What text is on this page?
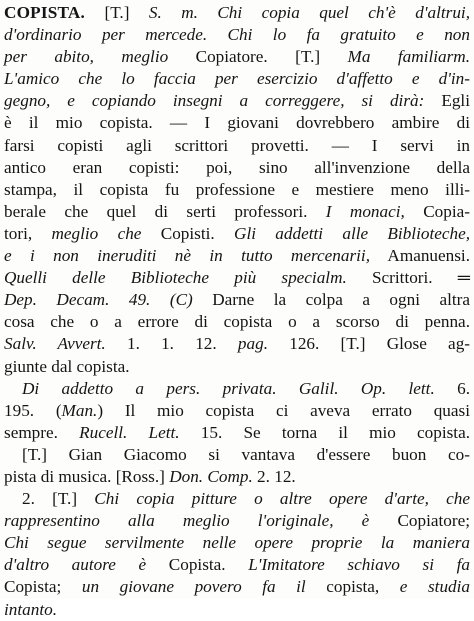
COPISTA. [T.] S. m. Chi copia quel ch'è d'altrui,
d'ordinario per mercede. Chi lo fa gratuito e non
per abito, meglio Copiatore. [T.] Ma familiarm.
L'amico che lo faccia per esercizio d'affetto e d'in-
gegno, e copiando insegni a correggere, si dirà: Egli
è il mio copista. — I giovani dovrebbero ambire di
farsi copisti agli scrittori provetti. — I servi in
antico eran copisti: poi, sino all'invenzione della
stampa, il copista fu professione e mestiere meno illi-
berale che quel di serti professori. I monaci, Copia-
tori, meglio che Copisti. Gli addetti alle Biblioteche,
e i non ineruditi nè in tutto mercenarii, Amanuensi.
Quelli delle Biblioteche più specialm. Scrittori. ═
Dep. Decam. 49. (C) Darne la colpa a ogni altra
cosa che o a errore di copista o a scorso di penna.
Salv. Avvert. 1. 1. 12. pag. 126. [T.] Glose ag-
giunte dal copista.
Di addetto a pers. privata. Galil. Op. lett. 6.
195. (Man.) Il mio copista ci aveva errato quasi
sempre. Rucell. Lett. 15. Se torna il mio copista.
[T.] Gian Giacomo si vantava d'essere buon co-
pista di musica. [Ross.] Don. Comp. 2. 12.
2. [T.] Chi copia pitture o altre opere d'arte, che
rappresentino alla meglio l'originale, è Copiatore;
Chi segue servilmente nelle opere proprie la maniera
d'altro autore è Copista. L'Imitatore schiavo si fa
Copista; un giovane povero fa il copista, e studia
intanto.
